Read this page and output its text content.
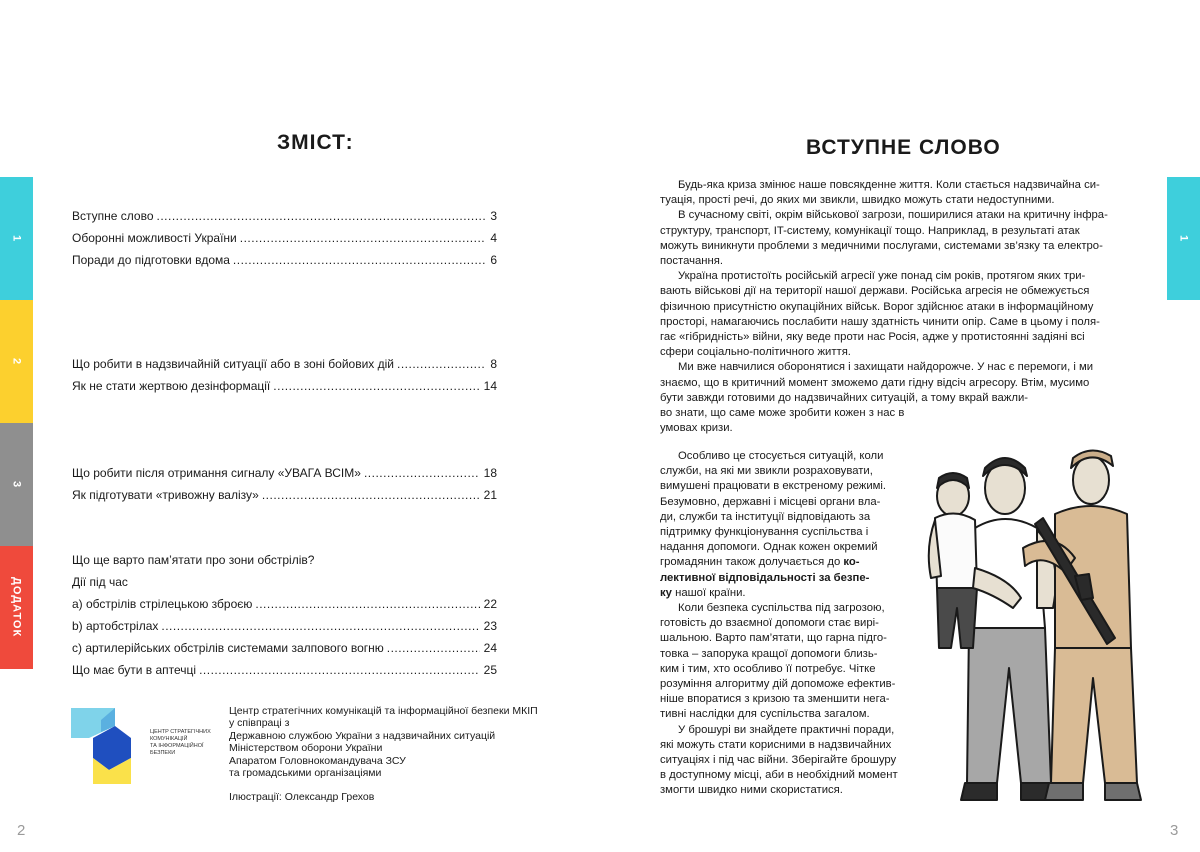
1
2
3
ДОДАТОК
ЗМІСТ:
Вступне слово .....	3
Оборонні можливості України .....	4
Поради до підготовки вдома .....	6
Що робити в надзвичайній ситуації або в зоні бойових дій .....	8
Як не стати жертвою дезінформації .....	14
Що робити після отримання сигналу «УВАГА ВСІМ» .....	18
Як підготувати «тривожну валізу» .....	21
Що ще варто пам’ятати про зони обстрілів?
Дії під час
а) обстрілів стрілецькою зброєю .....	22
b) артобстрілах .....	23
с) артилерійських обстрілів системами залпового вогню .....	24
Що має бути в аптечці .....	25
ЦЕНТР СТРАТЕГІЧНИХ
КОМУНІКАЦІЙ
ТА ІНФОРМАЦІЙНОЇ
БЕЗПЕКИ
Центр стратегічних комунікацій та інформаційної безпеки МКІП
у співпраці з
Державною службою України з надзвичайних ситуацій
Міністерством оборони України
Апаратом Головнокомандувача ЗСУ
та громадськими організаціями
Ілюстрації: Олександр Грехов
2
1
ВСТУПНЕ СЛОВО

Будь-яка криза змінює наше повсякденне життя. Коли стається надзвичайна си-
туація, прості речі, до яких ми звикли, швидко можуть стати недоступними.

В сучасному світі, окрім військової загрози, поширилися атаки на критичну інфра-
структуру, транспорт, IT-систему, комунікації тощо. Наприклад, в результаті атак
можуть виникнути проблеми з медичними послугами, системами зв’язку та електро-
постачання.

Україна протистоїть російській агресії уже понад сім років, протягом яких три-
вають військові дії на території нашої держави. Російська агресія не обмежується
фізичною присутністю окупаційних військ. Ворог здійснює атаки в інформаційному
просторі, намагаючись послабити нашу здатність чинити опір. Саме в цьому і поля-
гає «гібридність» війни, яку веде проти нас Росія, адже у протистоянні задіяні всі
сфери соціально-політичного життя.

Ми вже навчилися оборонятися і захищати найдорожче. У нас є перемоги, і ми
знаємо, що в критичний момент зможемо дати гідну відсіч агресору. Втім, мусимо
бути завжди готовими до надзвичайних ситуацій, а тому вкрай важли-
во знати, що саме може зробити кожен з нас в
умовах кризи.

Особливо це стосується ситуацій, коли
служби, на які ми звикли розраховувати,
вимушені працювати в екстреному режимі.
Безумовно, державні і місцеві органи вла-
ди, служби та інституції відповідають за
підтримку функціонування суспільства і
надання допомоги. Однак кожен окремий
громадянин також долучається до ко-
лективної відповідальності за безпе-
ку нашої країни.

Коли безпека суспільства під загрозою,
готовість до взаємної допомоги стає вирі-
шальною. Варто пам’ятати, що гарна підго-
товка – запорука кращої допомоги близь-
ким і тим, хто особливо її потребує. Чітке
розуміння алгоритму дій допоможе ефектив-
ніше впоратися з кризою та зменшити нега-
тивні наслідки для суспільства загалом.

У брошурі ви знайдете практичні поради,
які можуть стати корисними в надзвичайних
ситуаціях і під час війни. Зберігайте брошуру
в доступному місці, аби в необхідний момент
змогти швидко ними скористатися.

3
